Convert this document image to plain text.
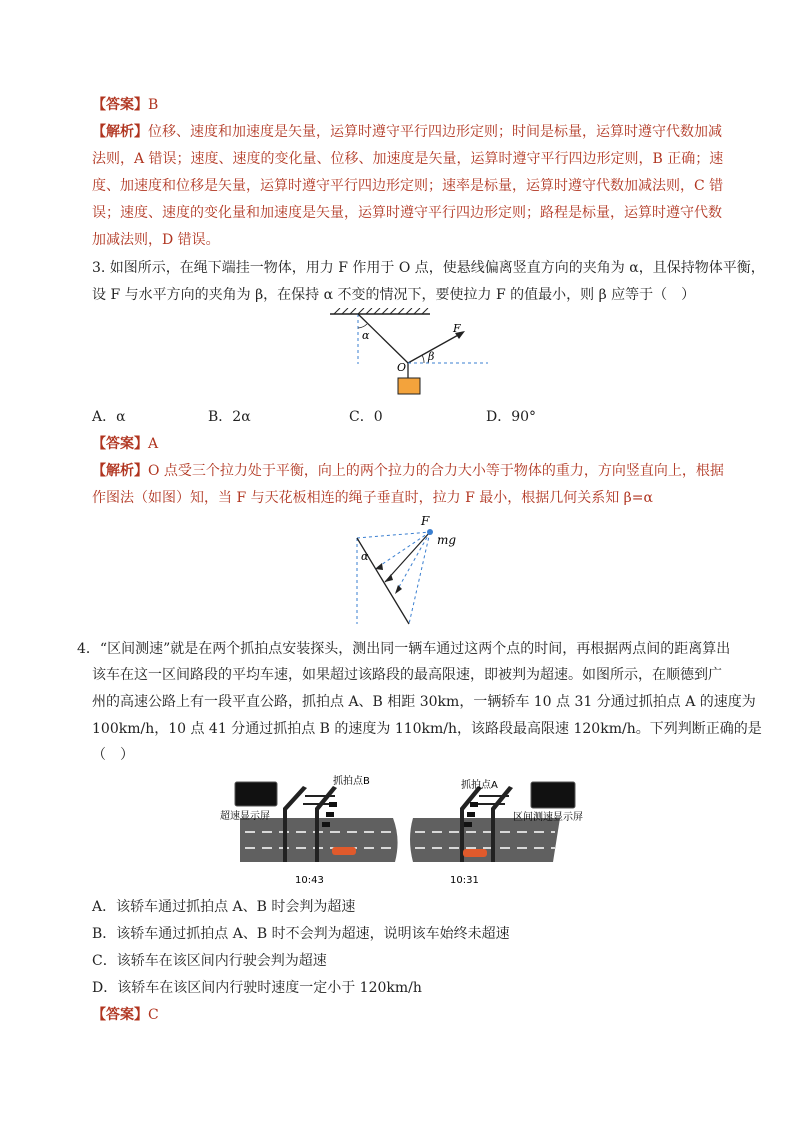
【答案】B
【解析】位移、速度和加速度是矢量，运算时遵守平行四边形定则；时间是标量，运算时遵守代数加减
法则，A 错误；速度、速度的变化量、位移、加速度是矢量，运算时遵守平行四边形定则，B 正确；速
度、加速度和位移是矢量，运算时遵守平行四边形定则；速率是标量，运算时遵守代数加减法则，C 错
误；速度、速度的变化量和加速度是矢量，运算时遵守平行四边形定则；路程是标量，运算时遵守代数
加减法则，D 错误。
3. 如图所示，在绳下端挂一物体，用力 F 作用于 O 点，使悬线偏离竖直方向的夹角为 α，且保持物体平衡，
设 F 与水平方向的夹角为 β，在保持 α 不变的情况下，要使拉力 F 的值最小，则 β 应等于（　）
α
β
F
O
A．α	B．2α	C．0	D．90°
【答案】A
【解析】O 点受三个拉力处于平衡，向上的两个拉力的合力大小等于物体的重力，方向竖直向上，根据
作图法（如图）知，当 F 与天花板相连的绳子垂直时，拉力 F 最小，根据几何关系知 β=α
F
mg
α
4．“区间测速”就是在两个抓拍点安装探头，测出同一辆车通过这两个点的时间，再根据两点间的距离算出
该车在这一区间路段的平均车速，如果超过该路段的最高限速，即被判为超速。如图所示，在顺德到广
州的高速公路上有一段平直公路，抓拍点 A、B 相距 30km，一辆轿车 10 点 31 分通过抓拍点 A 的速度为
100km/h，10 点 41 分通过抓拍点 B 的速度为 110km/h，该路段最高限速 120km/h。下列判断正确的是
（　）
抓拍点B
超速显示屏
抓拍点A
区间测速显示屏
10:43	10:31
A．该轿车通过抓拍点 A、B 时会判为超速
B．该轿车通过抓拍点 A、B 时不会判为超速，说明该车始终未超速
C．该轿车在该区间内行驶会判为超速
D．该轿车在该区间内行驶时速度一定小于 120km/h
【答案】C
